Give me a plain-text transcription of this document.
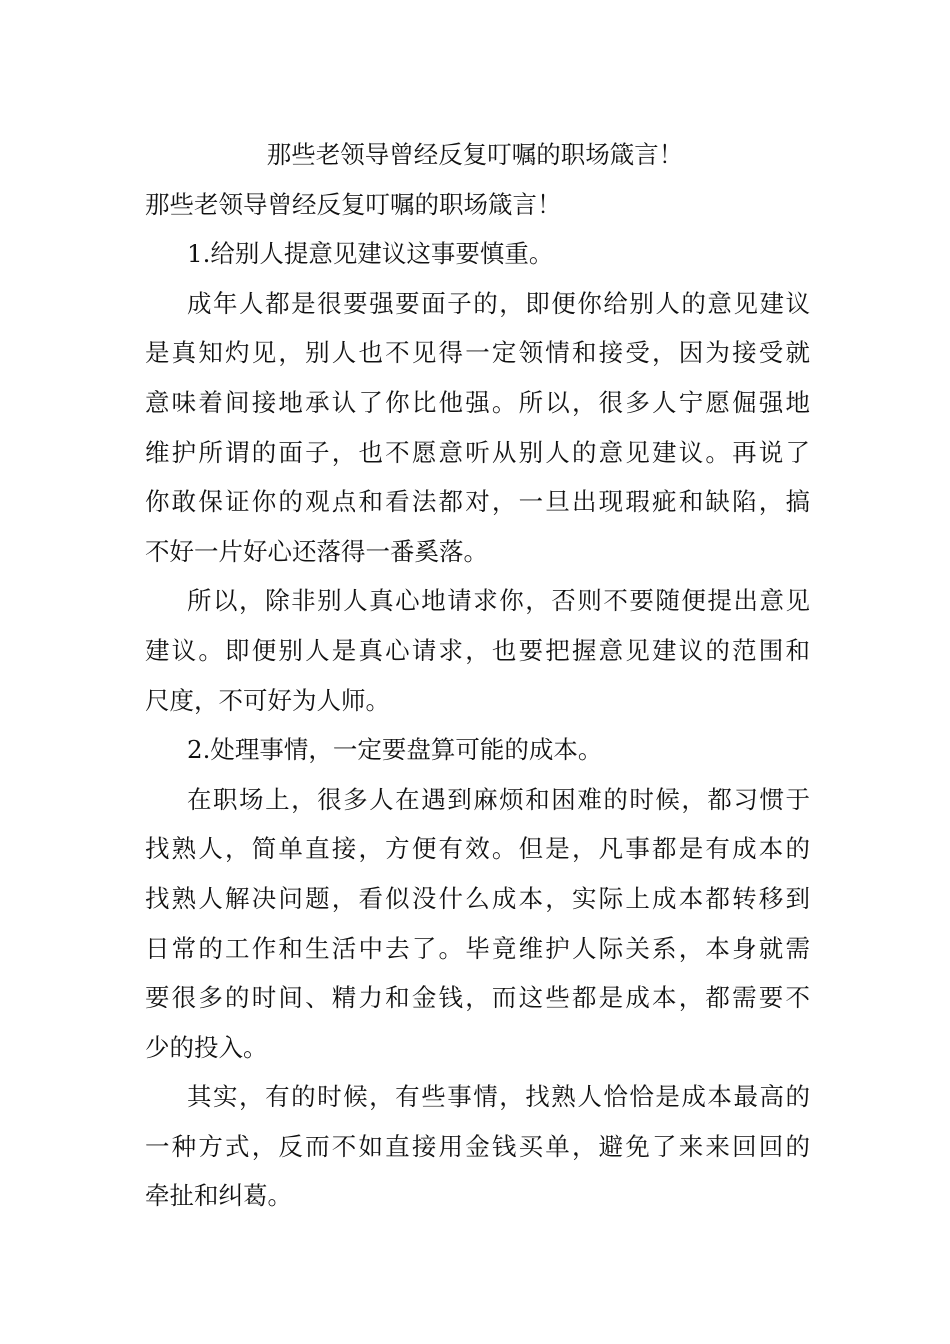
那些老领导曾经反复叮嘱的职场箴言！
那些老领导曾经反复叮嘱的职场箴言！
1.给别人提意见建议这事要慎重。
成年人都是很要强要面子的，即便你给别人的意见建议
是真知灼见，别人也不见得一定领情和接受，因为接受就
意味着间接地承认了你比他强。所以，很多人宁愿倔强地
维护所谓的面子，也不愿意听从别人的意见建议。再说了
你敢保证你的观点和看法都对，一旦出现瑕疵和缺陷，搞
不好一片好心还落得一番奚落。
所以，除非别人真心地请求你，否则不要随便提出意见
建议。即便别人是真心请求，也要把握意见建议的范围和
尺度，不可好为人师。
2.处理事情，一定要盘算可能的成本。
在职场上，很多人在遇到麻烦和困难的时候，都习惯于
找熟人，简单直接，方便有效。但是，凡事都是有成本的
找熟人解决问题，看似没什么成本，实际上成本都转移到
日常的工作和生活中去了。毕竟维护人际关系，本身就需
要很多的时间、精力和金钱，而这些都是成本，都需要不
少的投入。
其实，有的时候，有些事情，找熟人恰恰是成本最高的
一种方式，反而不如直接用金钱买单，避免了来来回回的
牵扯和纠葛。
